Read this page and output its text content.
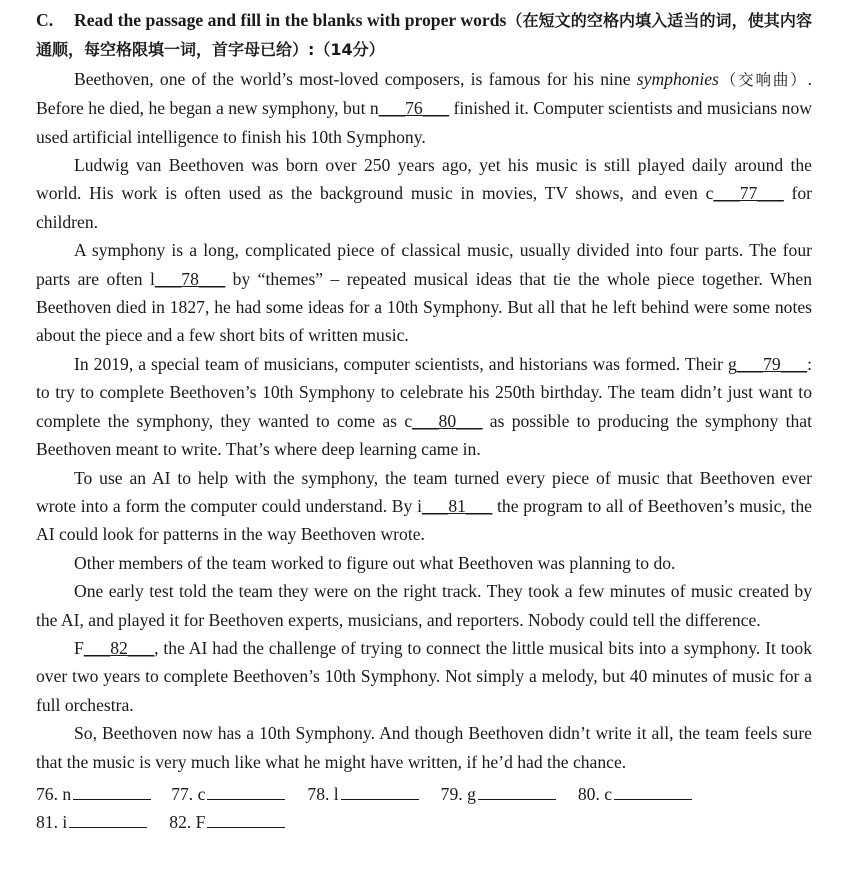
C. Read the passage and fill in the blanks with proper words（在短文的空格内填入适当的词，使其内容通顺，每空格限填一词，首字母已给）:（14分）

Beethoven, one of the world’s most-loved composers, is famous for his nine symphonies（交响曲）. Before he died, he began a new symphony, but n___76___ finished it. Computer scientists and musicians now used artificial intelligence to finish his 10th Symphony.

Ludwig van Beethoven was born over 250 years ago, yet his music is still played daily around the world. His work is often used as the background music in movies, TV shows, and even c___77___ for children.

A symphony is a long, complicated piece of classical music, usually divided into four parts. The four parts are often l___78___ by “themes” – repeated musical ideas that tie the whole piece together. When Beethoven died in 1827, he had some ideas for a 10th Symphony. But all that he left behind were some notes about the piece and a few short bits of written music.

In 2019, a special team of musicians, computer scientists, and historians was formed. Their g___79___: to try to complete Beethoven’s 10th Symphony to celebrate his 250th birthday. The team didn’t just want to complete the symphony, they wanted to come as c___80___ as possible to producing the symphony that Beethoven meant to write. That’s where deep learning came in.

To use an AI to help with the symphony, the team turned every piece of music that Beethoven ever wrote into a form the computer could understand. By i___81___ the program to all of Beethoven’s music, the AI could look for patterns in the way Beethoven wrote.

Other members of the team worked to figure out what Beethoven was planning to do.

One early test told the team they were on the right track. They took a few minutes of music created by the AI, and played it for Beethoven experts, musicians, and reporters. Nobody could tell the difference.

F___82___, the AI had the challenge of trying to connect the little musical bits into a symphony. It took over two years to complete Beethoven’s 10th Symphony. Not simply a melody, but 40 minutes of music for a full orchestra.

So, Beethoven now has a 10th Symphony. And though Beethoven didn’t write it all, the team feels sure that the music is very much like what he might have written, if he’d had the chance.

76. n	77. c	78. l	79. g	80. c
81. i	82. F
